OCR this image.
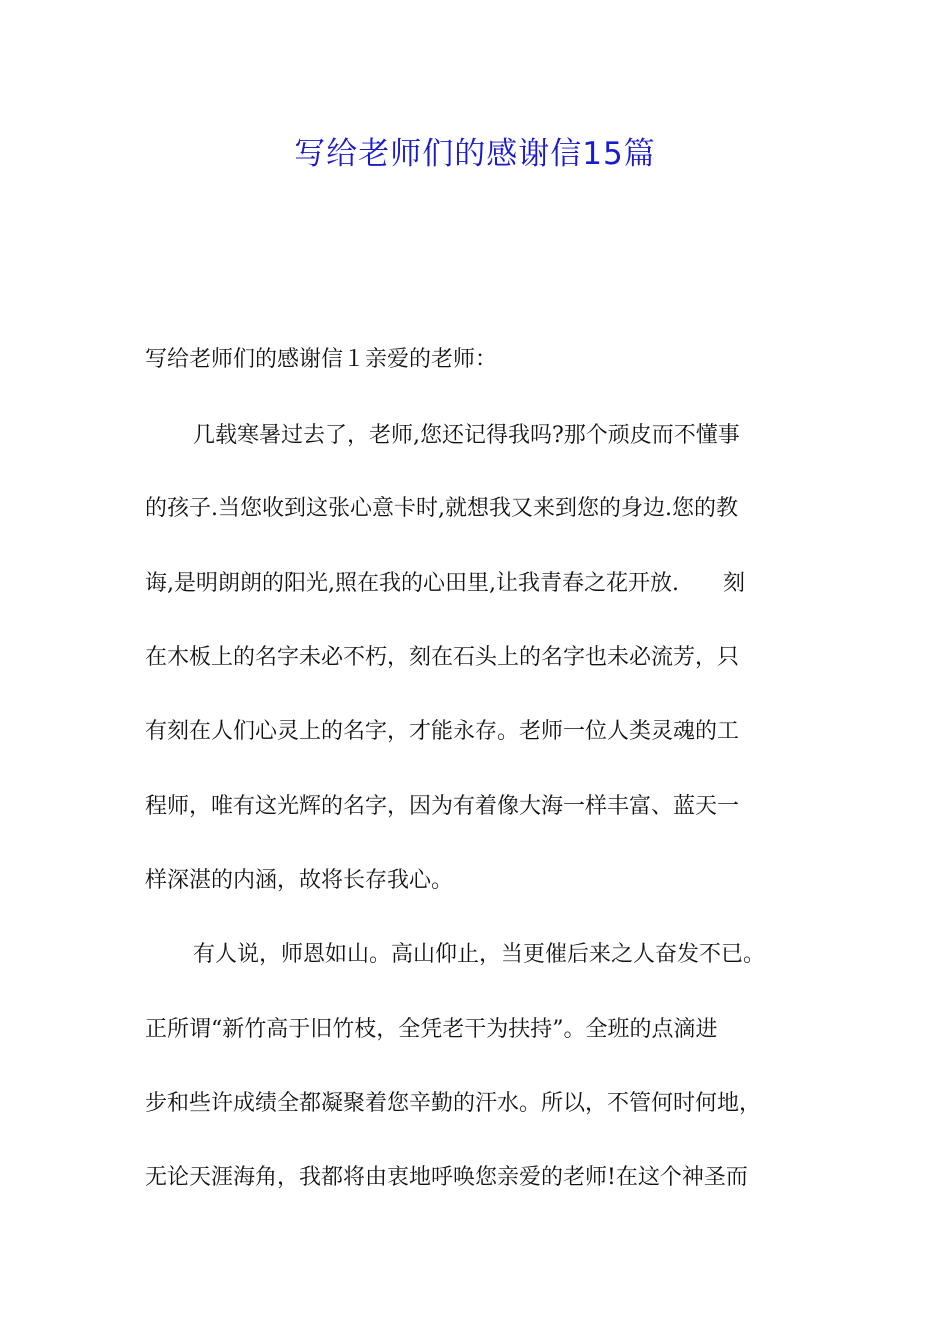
写给老师们的感谢信15篇
写给老师们的感谢信１亲爱的老师：
几载寒暑过去了，老师,您还记得我吗?那个顽皮而不懂事
的孩子.当您收到这张心意卡时,就想我又来到您的身边.您的教
诲,是明朗朗的阳光,照在我的心田里,让我青春之花开放.　　刻
在木板上的名字未必不朽，刻在石头上的名字也未必流芳，只
有刻在人们心灵上的名字，才能永存。老师一位人类灵魂的工
程师，唯有这光辉的名字，因为有着像大海一样丰富、蓝天一
样深湛的内涵，故将长存我心。
有人说，师恩如山。高山仰止，当更催后来之人奋发不已。
正所谓“新竹高于旧竹枝，全凭老干为扶持”。全班的点滴进
步和些许成绩全都凝聚着您辛勤的汗水。所以，不管何时何地，
无论天涯海角，我都将由衷地呼唤您亲爱的老师!在这个神圣而
